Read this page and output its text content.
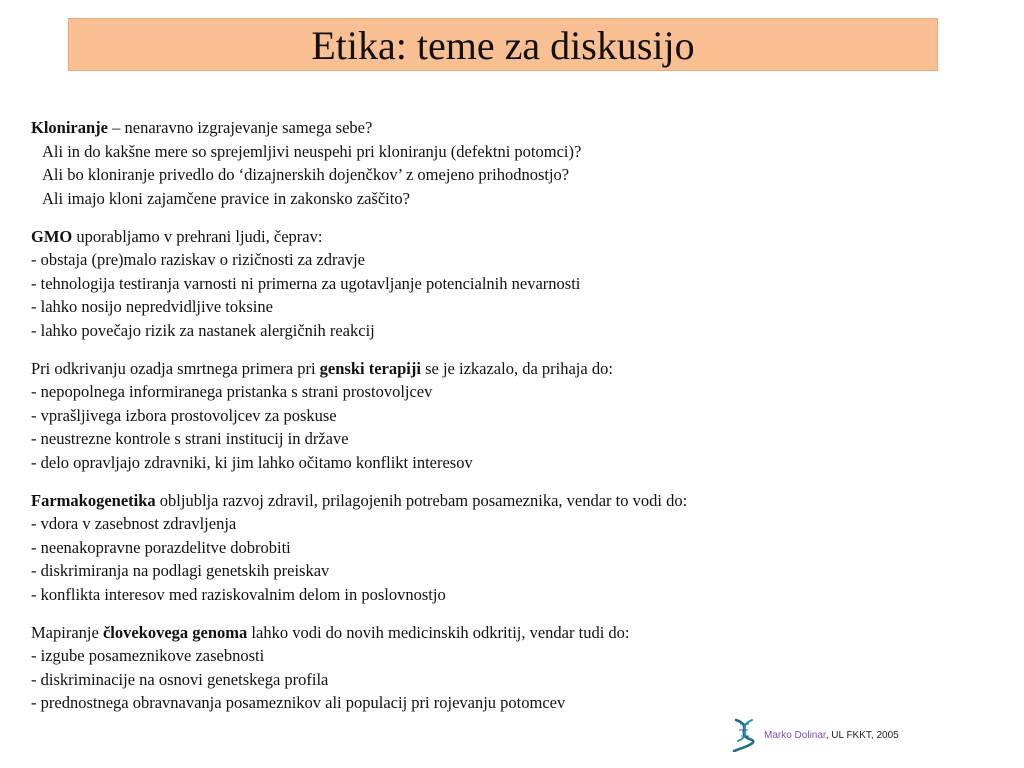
Etika: teme za diskusijo
Kloniranje – nenaravno izgrajevanje samega sebe?
Ali in do kakšne mere so sprejemljivi neuspehi pri kloniranju (defektni potomci)?
Ali bo kloniranje privedlo do ‘dizajnerskih dojenčkov’ z omejeno prihodnostjo?
Ali imajo kloni zajamčene pravice in zakonsko zaščito?
GMO uporabljamo v prehrani ljudi, čeprav:
- obstaja (pre)malo raziskav o rizičnosti za zdravje
- tehnologija testiranja varnosti ni primerna za ugotavljanje potencialnih nevarnosti
- lahko nosijo nepredvidljive toksine
- lahko povečajo rizik za nastanek alergičnih reakcij
Pri odkrivanju ozadja smrtnega primera pri genski terapiji se je izkazalo, da prihaja do:
- nepopolnega informiranega pristanka s strani prostovoljcev
- vprašljivega izbora prostovoljcev za poskuse
- neustrezne kontrole s strani institucij in države
- delo opravljajo zdravniki, ki jim lahko očitamo konflikt interesov
Farmakogenetika obljublja razvoj zdravil, prilagojenih potrebam posameznika, vendar to vodi do:
- vdora v zasebnost zdravljenja
- neenakopravne porazdelitve dobrobiti
- diskrimiranja na podlagi genetskih preiskav
- konflikta interesov med raziskovalnim delom in poslovnostjo
Mapiranje človekovega genoma lahko vodi do novih medicinskih odkritij, vendar tudi do:
- izgube posameznikove zasebnosti
- diskriminacije na osnovi genetskega profila
- prednostnega obravnavanja posameznikov ali populacij pri rojevanju potomcev
Marko Dolinar, UL FKKT, 2005
